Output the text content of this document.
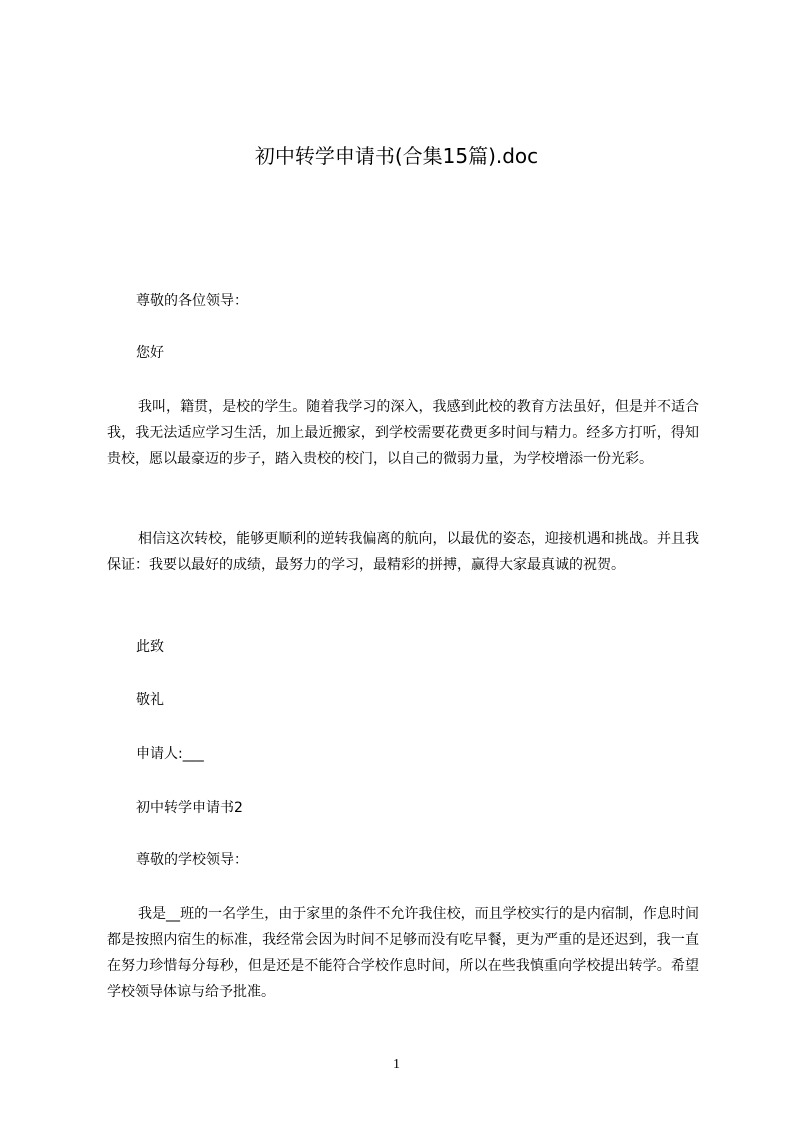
初中转学申请书(合集15篇).doc
尊敬的各位领导：
您好

我叫，籍贯，是校的学生。随着我学习的深入，我感到此校的教育方法虽好，但是并不适合我，我无法适应学习生活，加上最近搬家，到学校需要花费更多时间与精力。经多方打听，得知贵校，愿以最豪迈的步子，踏入贵校的校门，以自己的微弱力量，为学校增添一份光彩。

相信这次转校，能够更顺利的逆转我偏离的航向，以最优的姿态，迎接机遇和挑战。并且我保证：我要以最好的成绩，最努力的学习，最精彩的拼搏，赢得大家最真诚的祝贺。

此致
敬礼
申请人:___
初中转学申请书2
尊敬的学校领导：

我是__班的一名学生，由于家里的条件不允许我住校，而且学校实行的是内宿制，作息时间都是按照内宿生的标准，我经常会因为时间不足够而没有吃早餐，更为严重的是还迟到，我一直在努力珍惜每分每秒，但是还是不能符合学校作息时间，所以在些我慎重向学校提出转学。希望学校领导体谅与给予批准。

1
